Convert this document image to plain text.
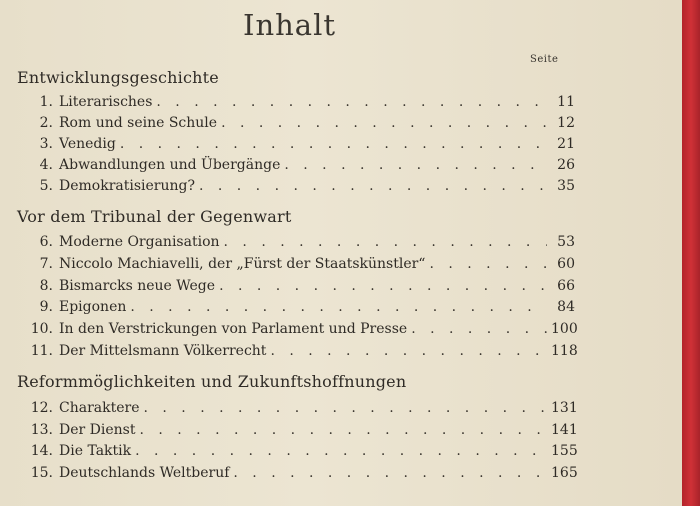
Inhalt
Seite
Entwicklungsgeschichte
1. Literarisches . . .	11
2. Rom und seine Schule . . .	12
3. Venedig . . .	21
4. Abwandlungen und Übergänge . . .	26
5. Demokratisierung? . . .	35
Vor dem Tribunal der Gegenwart
6. Moderne Organisation . . .	53
7. Niccolo Machiavelli, der „Fürst der Staatskünstler“ . . .	60
8. Bismarcks neue Wege . . .	66
9. Epigonen . . .	84
10. In den Verstrickungen von Parlament und Presse . . .	100
11. Der Mittelsmann Völkerrecht . . .	118
Reformmöglichkeiten und Zukunftshoffnungen
12. Charaktere . . .	131
13. Der Dienst . . .	141
14. Die Taktik . . .	155
15. Deutschlands Weltberuf . . .	165
